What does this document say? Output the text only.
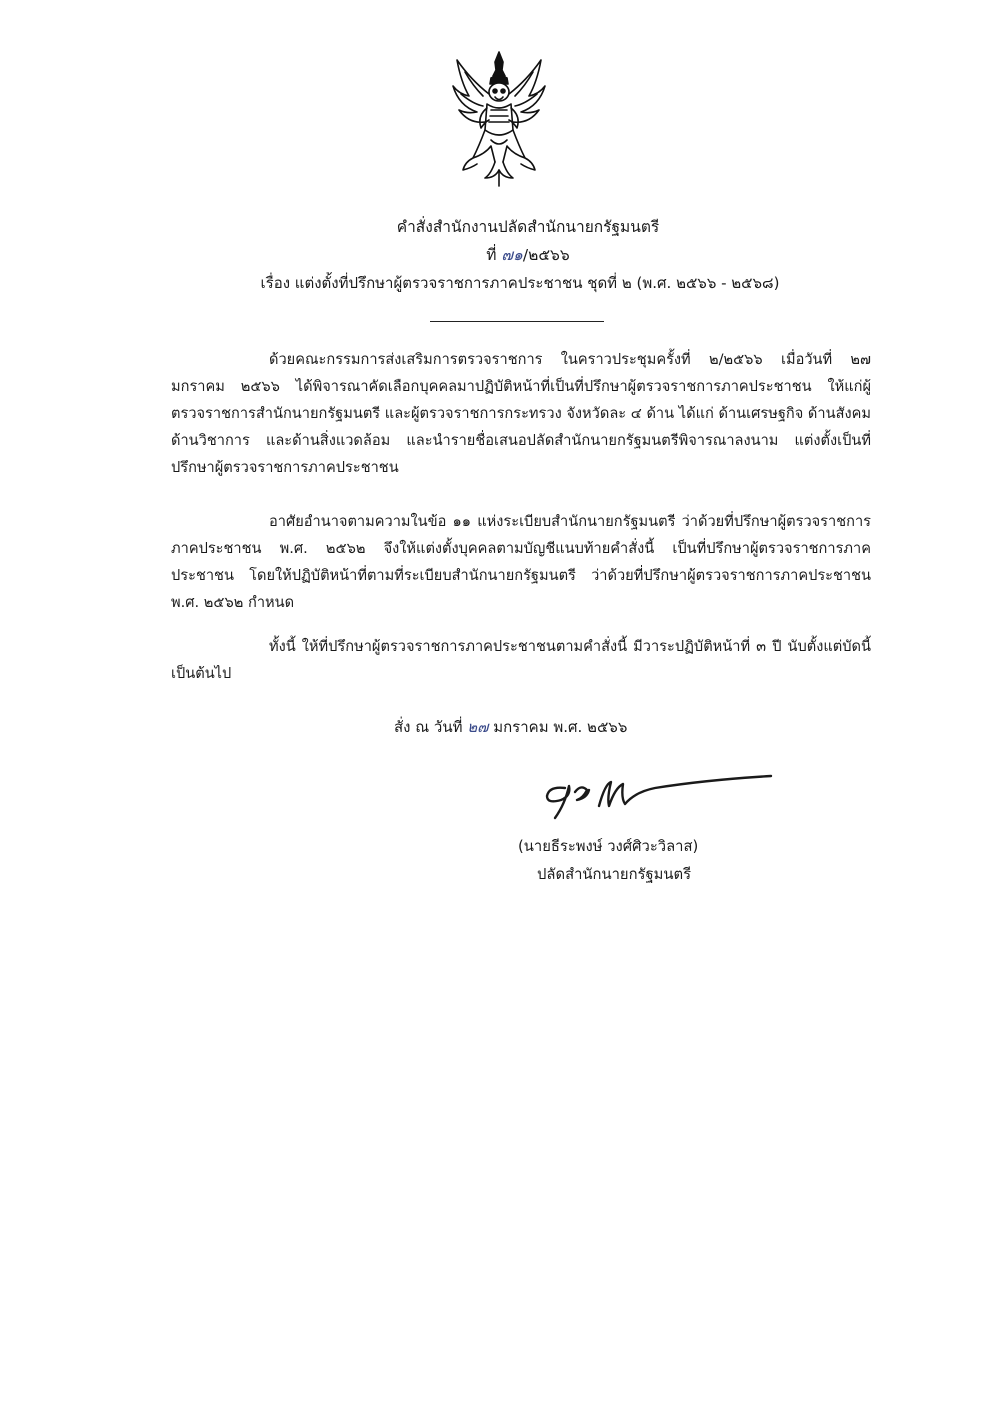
คำสั่งสำนักงานปลัดสำนักนายกรัฐมนตรี
ที่ ๗๑/๒๕๖๖
เรื่อง แต่งตั้งที่ปรึกษาผู้ตรวจราชการภาคประชาชน ชุดที่ ๒ (พ.ศ. ๒๕๖๖ - ๒๕๖๘)

ด้วยคณะกรรมการส่งเสริมการตรวจราชการ ในคราวประชุมครั้งที่ ๒/๒๕๖๖ เมื่อวันที่ ๒๗ มกราคม ๒๕๖๖ ได้พิจารณาคัดเลือกบุคคลมาปฏิบัติหน้าที่เป็นที่ปรึกษาผู้ตรวจราชการภาคประชาชน ให้แก่ผู้ตรวจราชการสำนักนายกรัฐมนตรี และผู้ตรวจราชการกระทรวง จังหวัดละ ๔ ด้าน ได้แก่ ด้านเศรษฐกิจ ด้านสังคม ด้านวิชาการ และด้านสิ่งแวดล้อม และนำรายชื่อเสนอปลัดสำนักนายกรัฐมนตรีพิจารณาลงนาม แต่งตั้งเป็นที่ปรึกษาผู้ตรวจราชการภาคประชาชน

อาศัยอำนาจตามความในข้อ ๑๑ แห่งระเบียบสำนักนายกรัฐมนตรี ว่าด้วยที่ปรึกษาผู้ตรวจราชการภาคประชาชน พ.ศ. ๒๕๖๒ จึงให้แต่งตั้งบุคคลตามบัญชีแนบท้ายคำสั่งนี้ เป็นที่ปรึกษาผู้ตรวจราชการภาคประชาชน โดยให้ปฏิบัติหน้าที่ตามที่ระเบียบสำนักนายกรัฐมนตรี ว่าด้วยที่ปรึกษาผู้ตรวจราชการภาคประชาชน พ.ศ. ๒๕๖๒ กำหนด

ทั้งนี้ ให้ที่ปรึกษาผู้ตรวจราชการภาคประชาชนตามคำสั่งนี้ มีวาระปฏิบัติหน้าที่ ๓ ปี นับตั้งแต่บัดนี้เป็นต้นไป

สั่ง ณ วันที่ ๒๗ มกราคม พ.ศ. ๒๕๖๖
(นายธีระพงษ์ วงศ์ศิวะวิลาส)
ปลัดสำนักนายกรัฐมนตรี
